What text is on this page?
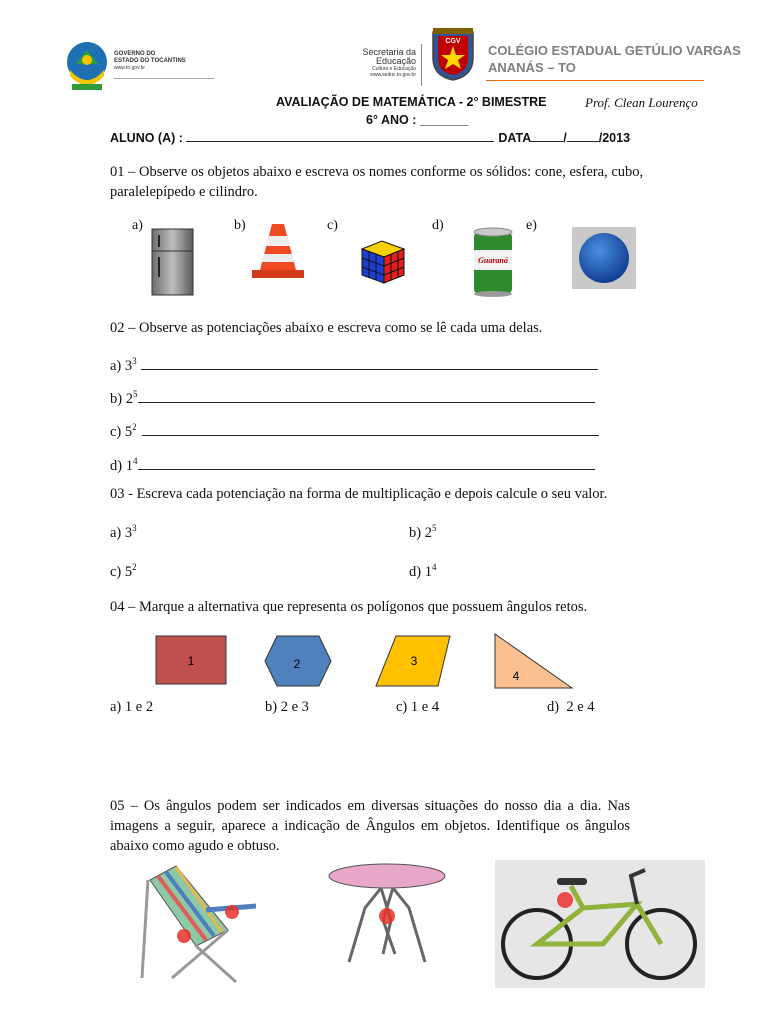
GOVERNO DO
ESTADO DO TOCANTINS
www.to.gov.br
Secretaria da
Educação
Cultura e Educação
www.seduc.to.gov.br
CGV
COLÉGIO ESTADUAL GETÚLIO VARGAS
ANANÁS – TO
AVALIAÇÃO DE MATEMÁTICA - 2° BIMESTRE	Prof. Clean Lourenço
6° ANO : _______
ALUNO (A) :	DATA	/	/2013
01 – Observe os objetos abaixo e escreva os nomes conforme os sólidos: cone, esfera, cubo, paralelepípedo e cilindro.
a)	b)	c)	d)
Guaraná
e)
02 – Observe as potenciações abaixo e escreva como se lê cada uma delas.
a) $3^3$
b) $2^5$
c) $5^2$
d) $1^4$
03 - Escreva cada potenciação na forma de multiplicação e depois calcule o seu valor.
a) $3^3$	b) $2^5$
c) $5^2$	d) $1^4$
04 – Marque a alternativa que representa os polígonos que possuem ângulos retos.
1	2	3
4
a) 1 e 2	b) 2 e 3	c) 1 e 4	d)  2 e 4
05 – Os ângulos podem ser indicados em diversas situações do nosso dia a dia. Nas imagens a seguir, aparece a indicação de Ângulos em objetos. Identifique os ângulos abaixo como agudo e obtuso.
